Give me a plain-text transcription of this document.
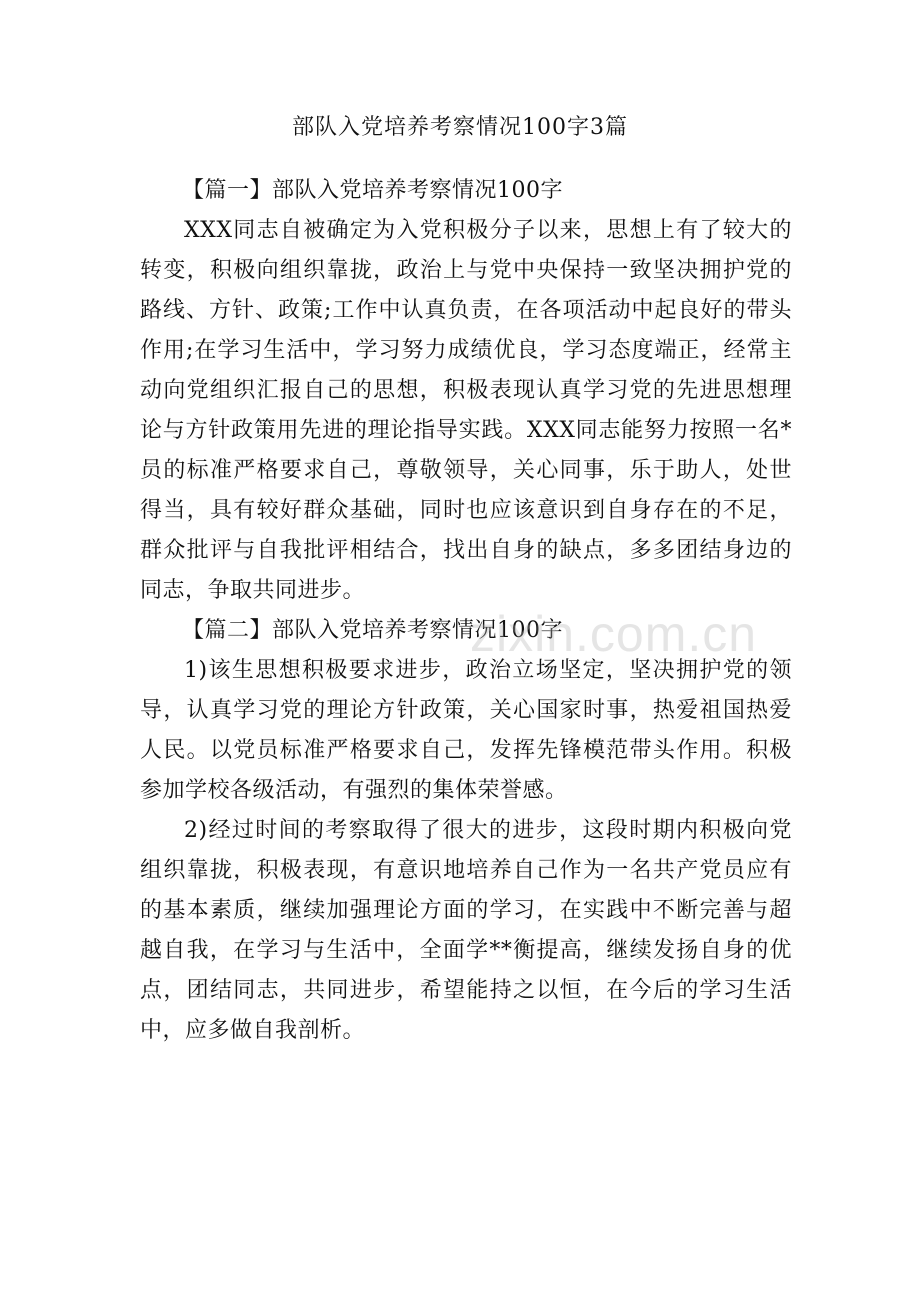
部队入党培养考察情况100字3篇

【篇一】部队入党培养考察情况100字

XXX同志自被确定为入党积极分子以来，思想上有了较大的转变，积极向组织靠拢，政治上与党中央保持一致坚决拥护党的路线、方针、政策;工作中认真负责，在各项活动中起良好的带头作用;在学习生活中，学习努力成绩优良，学习态度端正，经常主动向党组织汇报自己的思想，积极表现认真学习党的先进思想理论与方针政策用先进的理论指导实践。XXX同志能努力按照一名*员的标准严格要求自己，尊敬领导，关心同事，乐于助人，处世得当，具有较好群众基础，同时也应该意识到自身存在的不足，群众批评与自我批评相结合，找出自身的缺点，多多团结身边的同志，争取共同进步。

【篇二】部队入党培养考察情况100字

1)该生思想积极要求进步，政治立场坚定，坚决拥护党的领导，认真学习党的理论方针政策，关心国家时事，热爱祖国热爱人民。以党员标准严格要求自己，发挥先锋模范带头作用。积极参加学校各级活动，有强烈的集体荣誉感。

2)经过时间的考察取得了很大的进步，这段时期内积极向党组织靠拢，积极表现，有意识地培养自己作为一名共产党员应有的基本素质，继续加强理论方面的学习，在实践中不断完善与超越自我，在学习与生活中，全面学**衡提高，继续发扬自身的优点，团结同志，共同进步，希望能持之以恒，在今后的学习生活中，应多做自我剖析。

zixin.com.cn
